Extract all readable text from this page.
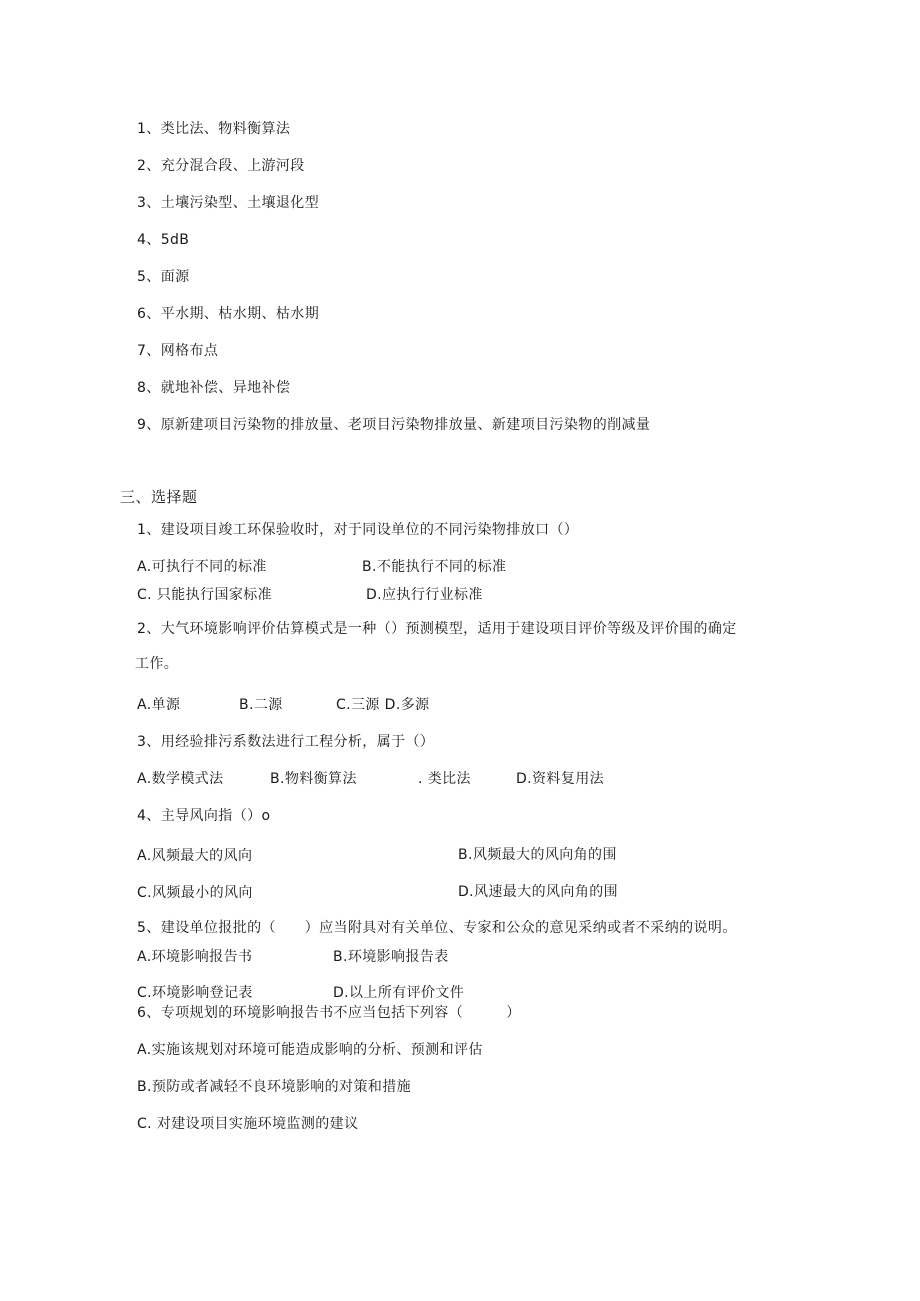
1、类比法、物料衡算法
2、充分混合段、上游河段
3、土壤污染型、土壤退化型
4、5dB
5、面源
6、平水期、枯水期、枯水期
7、网格布点
8、就地补偿、异地补偿
9、原新建项目污染物的排放量、老项目污染物排放量、新建项目污染物的削减量
三、选择题
1、建设项目竣工环保验收时，对于同设单位的不同污染物排放口（）
A.可执行不同的标准	B.不能执行不同的标准
C. 只能执行国家标准	D.应执行行业标准
2、大气环境影响评价估算模式是一种（）预测模型，适用于建设项目评价等级及评价围的确定
工作。
A.单源	B.二源	C.三源 D.多源
3、用经验排污系数法进行工程分析，属于（）
A.数学模式法	B.物料衡算法	. 类比法	D.资料复用法
4、主导风向指（）o
A.风频最大的风向	B.风频最大的风向角的围
C.风频最小的风向	D.风速最大的风向角的围
5、建设单位报批的（　　）应当附具对有关单位、专家和公众的意见采纳或者不采纳的说明。
A.环境影响报告书	B.环境影响报告表
C.环境影响登记表	D.以上所有评价文件
6、专项规划的环境影响报告书不应当包括下列容（　　　）
A.实施该规划对环境可能造成影响的分析、预测和评估
B.预防或者减轻不良环境影响的对策和措施
C. 对建设项目实施环境监测的建议
